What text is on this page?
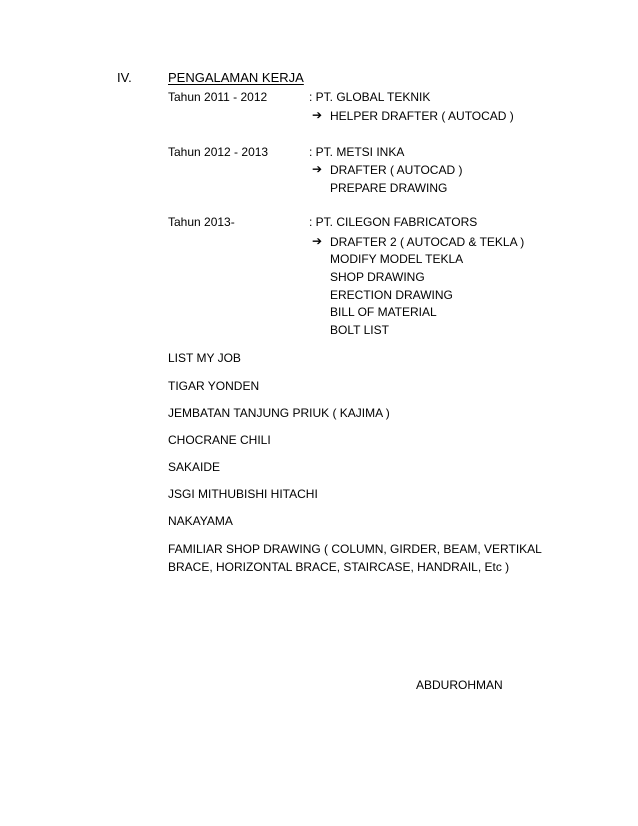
IV.	PENGALAMAN KERJA
Tahun 2011 - 2012	: PT. GLOBAL TEKNIK
➔ HELPER DRAFTER ( AUTOCAD )
Tahun 2012 - 2013	: PT. METSI INKA
➔ DRAFTER ( AUTOCAD )
PREPARE DRAWING
Tahun 2013-	: PT. CILEGON FABRICATORS
➔ DRAFTER 2 ( AUTOCAD & TEKLA )
MODIFY MODEL TEKLA
SHOP DRAWING
ERECTION DRAWING
BILL OF MATERIAL
BOLT LIST
LIST MY JOB
TIGAR YONDEN
JEMBATAN TANJUNG PRIUK ( KAJIMA )
CHOCRANE CHILI
SAKAIDE
JSGI MITHUBISHI HITACHI
NAKAYAMA
FAMILIAR SHOP DRAWING ( COLUMN, GIRDER, BEAM, VERTIKAL
BRACE, HORIZONTAL BRACE, STAIRCASE, HANDRAIL, Etc )
ABDUROHMAN
